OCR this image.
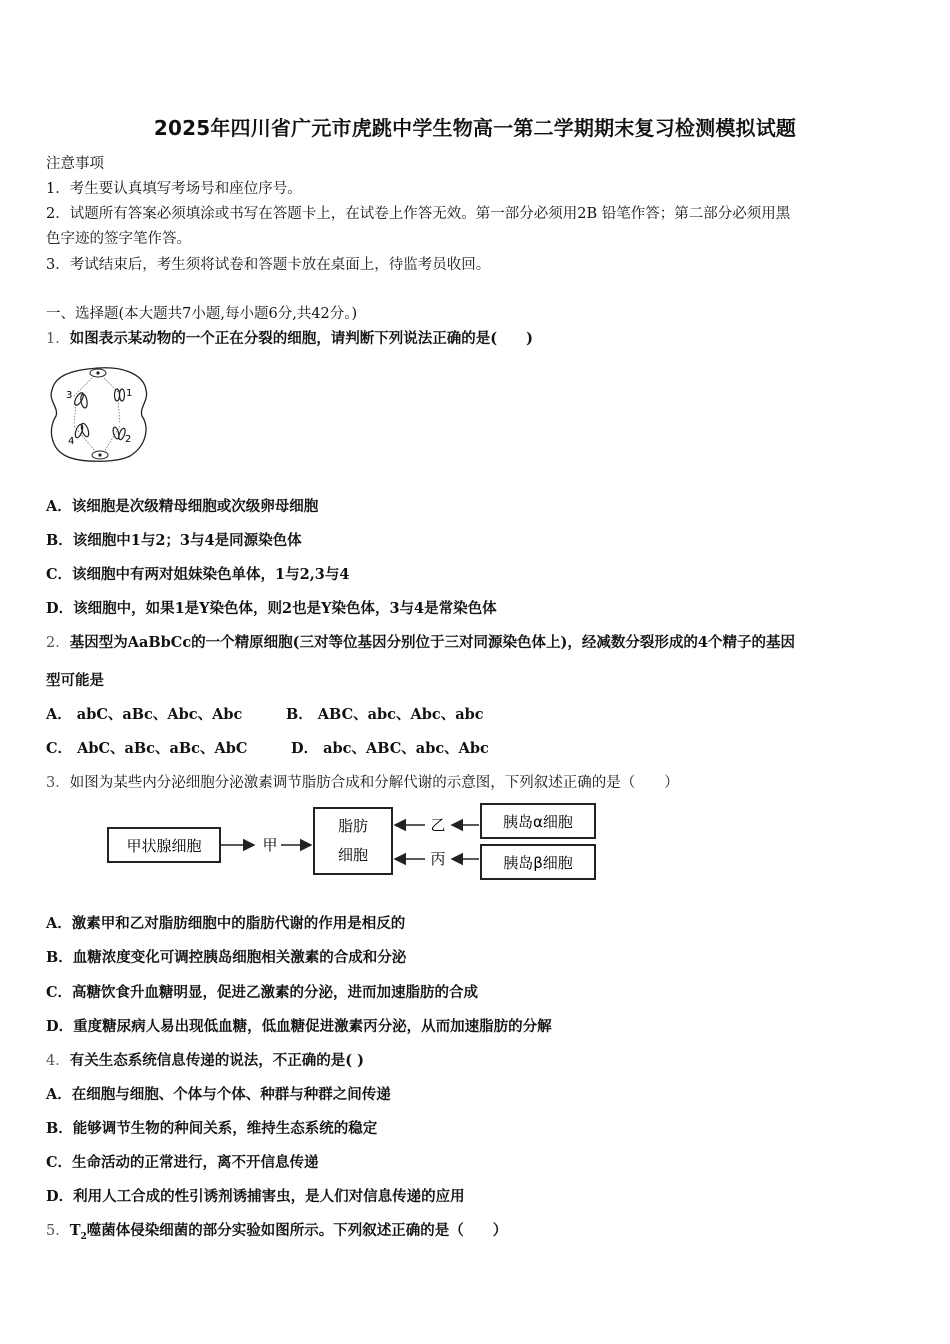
2025年四川省广元市虎跳中学生物高一第二学期期末复习检测模拟试题
注意事项
1．考生要认真填写考场号和座位序号。
2．试题所有答案必须填涂或书写在答题卡上，在试卷上作答无效。第一部分必须用2B 铅笔作答；第二部分必须用黑
色字迹的签字笔作答。
3．考试结束后，考生须将试卷和答题卡放在桌面上，待监考员收回。
一、选择题(本大题共7小题,每小题6分,共42分。)
1．如图表示某动物的一个正在分裂的细胞，请判断下列说法正确的是(　　)
3	1
4	2
A．该细胞是次级精母细胞或次级卵母细胞
B．该细胞中1与2；3与4是同源染色体
C．该细胞中有两对姐妹染色单体，1与2,3与4
D．该细胞中，如果1是Y染色体，则2也是Y染色体，3与4是常染色体
2．基因型为AaBbCc的一个精原细胞(三对等位基因分别位于三对同源染色体上)，经减数分裂形成的4个精子的基因
型可能是
A． abC、aBc、Abc、Abc	B． ABC、abc、Abc、abc
C． AbC、aBc、aBc、AbC	D． abc、ABC、abc、Abc
3．如图为某些内分泌细胞分泌激素调节脂肪合成和分解代谢的示意图，下列叙述正确的是（　　）
甲状腺细胞	甲
脂肪
细胞
乙
丙
胰岛α细胞
胰岛β细胞
A．激素甲和乙对脂肪细胞中的脂肪代谢的作用是相反的
B．血糖浓度变化可调控胰岛细胞相关激素的合成和分泌
C．高糖饮食升血糖明显，促进乙激素的分泌，进而加速脂肪的合成
D．重度糖尿病人易出现低血糖，低血糖促进激素丙分泌，从而加速脂肪的分解
4．有关生态系统信息传递的说法，不正确的是( )
A．在细胞与细胞、个体与个体、种群与种群之间传递
B．能够调节生物的种间关系，维持生态系统的稳定
C．生命活动的正常进行，离不开信息传递
D．利用人工合成的性引诱剂诱捕害虫，是人们对信息传递的应用
5．$T_2$噬菌体侵染细菌的部分实验如图所示。下列叙述正确的是（　　）
